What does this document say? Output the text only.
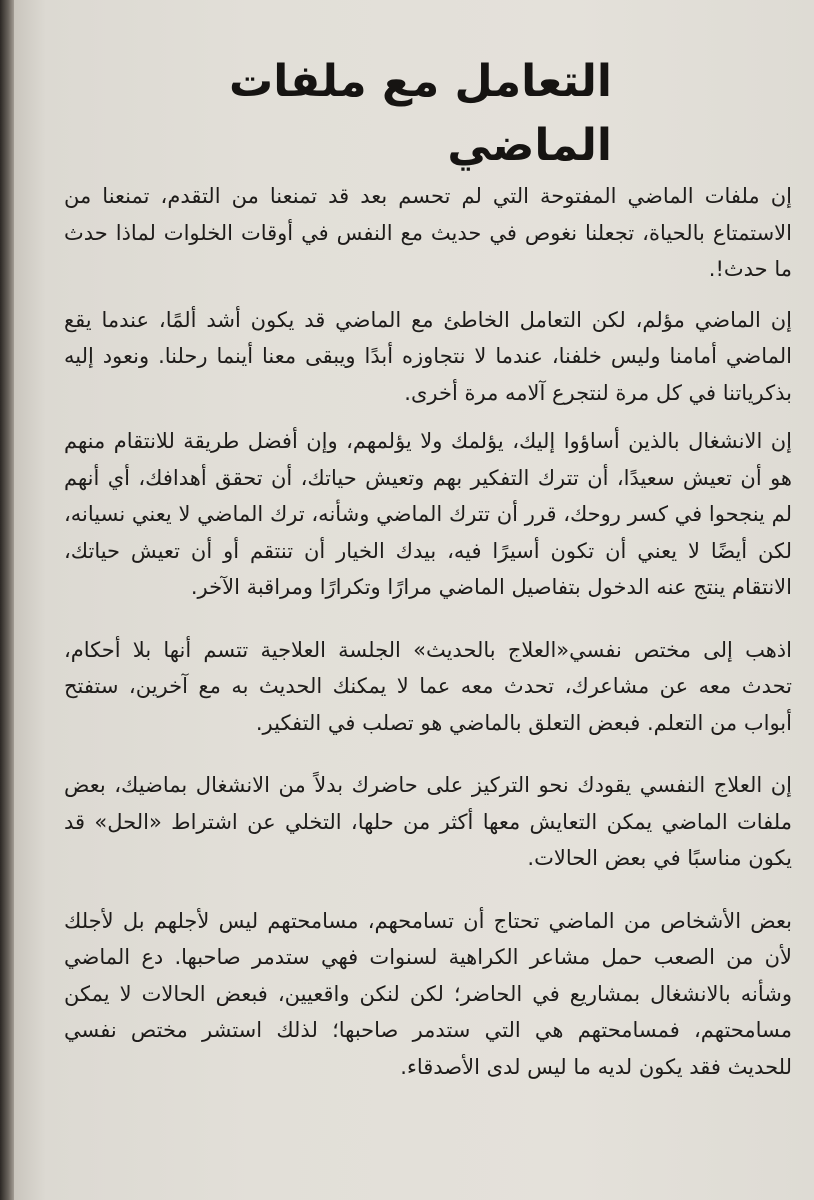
التعامل مع ملفات الماضي

إن ملفات الماضي المفتوحة التي لم تحسم بعد قد تمنعنا من التقدم، تمنعنا من الاستمتاع بالحياة، تجعلنا نغوص في حديث مع النفس في أوقات الخلوات لماذا حدث ما حدث!.

إن الماضي مؤلم، لكن التعامل الخاطئ مع الماضي قد يكون أشد ألمًا، عندما يقع الماضي أمامنا وليس خلفنا، عندما لا نتجاوزه أبدًا ويبقى معنا أينما رحلنا. ونعود إليه بذكرياتنا في كل مرة لنتجرع آلامه مرة أخرى.

إن الانشغال بالذين أساؤوا إليك، يؤلمك ولا يؤلمهم، وإن أفضل طريقة للانتقام منهم هو أن تعيش سعيدًا، أن تترك التفكير بهم وتعيش حياتك، أن تحقق أهدافك، أي أنهم لم ينجحوا في كسر روحك، قرر أن تترك الماضي وشأنه، ترك الماضي لا يعني نسيانه، لكن أيضًا لا يعني أن تكون أسيرًا فيه، بيدك الخيار أن تنتقم أو أن تعيش حياتك، الانتقام ينتج عنه الدخول بتفاصيل الماضي مرارًا وتكرارًا ومراقبة الآخر.

اذهب إلى مختص نفسي«العلاج بالحديث» الجلسة العلاجية تتسم أنها بلا أحكام، تحدث معه عن مشاعرك، تحدث معه عما لا يمكنك الحديث به مع آخرين، ستفتح أبواب من التعلم. فبعض التعلق بالماضي هو تصلب في التفكير.

إن العلاج النفسي يقودك نحو التركيز على حاضرك بدلاً من الانشغال بماضيك، بعض ملفات الماضي يمكن التعايش معها أكثر من حلها، التخلي عن اشتراط «الحل» قد يكون مناسبًا في بعض الحالات.

بعض الأشخاص من الماضي تحتاج أن تسامحهم، مسامحتهم ليس لأجلهم بل لأجلك لأن من الصعب حمل مشاعر الكراهية لسنوات فهي ستدمر صاحبها. دع الماضي وشأنه بالانشغال بمشاريع في الحاضر؛ لكن لنكن واقعيين، فبعض الحالات لا يمكن مسامحتهم، فمسامحتهم هي التي ستدمر صاحبها؛ لذلك استشر مختص نفسي للحديث فقد يكون لديه ما ليس لدى الأصدقاء.
